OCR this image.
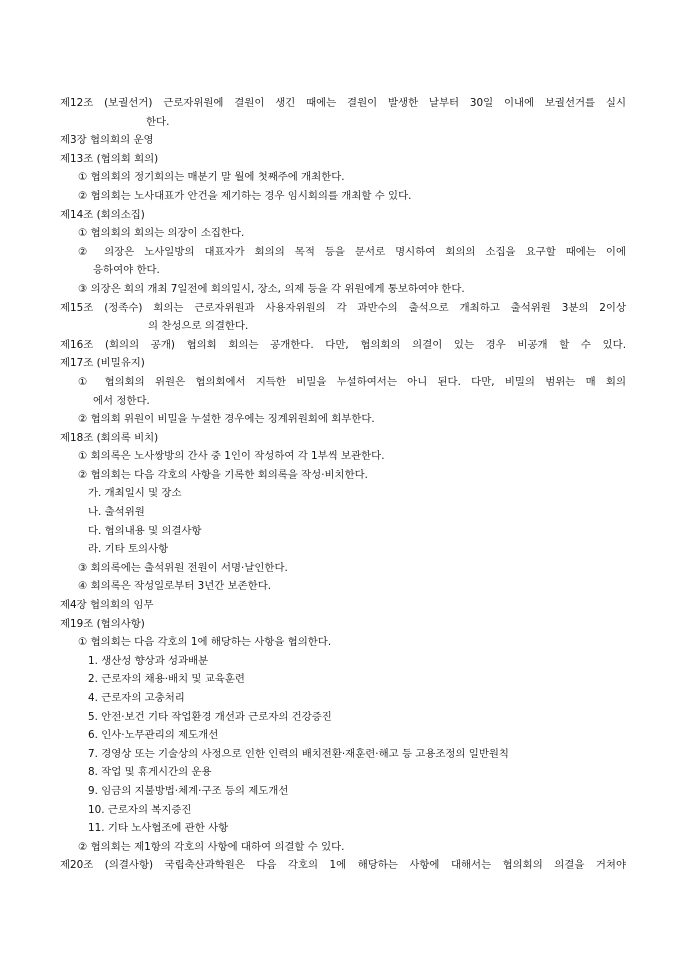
제12조 (보궐선거) 근로자위원에 결원이 생긴 때에는 결원이 발생한 날부터 30일 이내에 보궐선거를 실시
한다.
제3장 협의회의 운영
제13조 (협의회 회의)
① 협의회의 정기회의는 매분기 말 월에 첫째주에 개최한다.
② 협의회는 노사대표가 안건을 제기하는 경우 임시회의를 개최할 수 있다.
제14조 (회의소집)
① 협의회의 회의는 의장이 소집한다.
② 의장은 노사일방의 대표자가 회의의 목적 등을 문서로 명시하여 회의의 소집을 요구할 때에는 이에
응하여야 한다.
③ 의장은 회의 개최 7일전에 회의일시, 장소, 의제 등을 각 위원에게 통보하여야 한다.
제15조 (정족수) 회의는 근로자위원과 사용자위원의 각 과반수의 출석으로 개최하고 출석위원 3분의 2이상
의 찬성으로 의결한다.
제16조 (회의의 공개) 협의회 회의는 공개한다. 다만, 협의회의 의결이 있는 경우 비공개 할 수 있다.
제17조 (비밀유지)
① 협의회의 위원은 협의회에서 지득한 비밀을 누설하여서는 아니 된다. 다만, 비밀의 범위는 매 회의
에서 정한다.
② 협의회 위원이 비밀을 누설한 경우에는 징계위원회에 회부한다.
제18조 (회의록 비치)
① 회의록은 노사쌍방의 간사 중 1인이 작성하여 각 1부씩 보관한다.
② 협의회는 다음 각호의 사항을 기록한 회의록을 작성·비치한다.
가. 개최일시 및 장소
나. 출석위원
다. 협의내용 및 의결사항
라. 기타 토의사항
③ 회의록에는 출석위원 전원이 서명·날인한다.
④ 회의록은 작성일로부터 3년간 보존한다.
제4장 협의회의 임무
제19조 (협의사항)
① 협의회는 다음 각호의 1에 해당하는 사항을 협의한다.
1. 생산성 향상과 성과배분
2. 근로자의 채용·배치 및 교육훈련
4. 근로자의 고충처리
5. 안전·보건 기타 작업환경 개선과 근로자의 건강증진
6. 인사·노무관리의 제도개선
7. 경영상 또는 기술상의 사정으로 인한 인력의 배치전환·재훈련·해고 등 고용조정의 일반원칙
8. 작업 및 휴게시간의 운용
9. 임금의 지불방법·체계·구조 등의 제도개선
10. 근로자의 복지증진
11. 기타 노사협조에 관한 사항
② 협의회는 제1항의 각호의 사항에 대하여 의결할 수 있다.
제20조 (의결사항) 국립축산과학원은 다음 각호의 1에 해당하는 사항에 대해서는 협의회의 의결을 거쳐야
